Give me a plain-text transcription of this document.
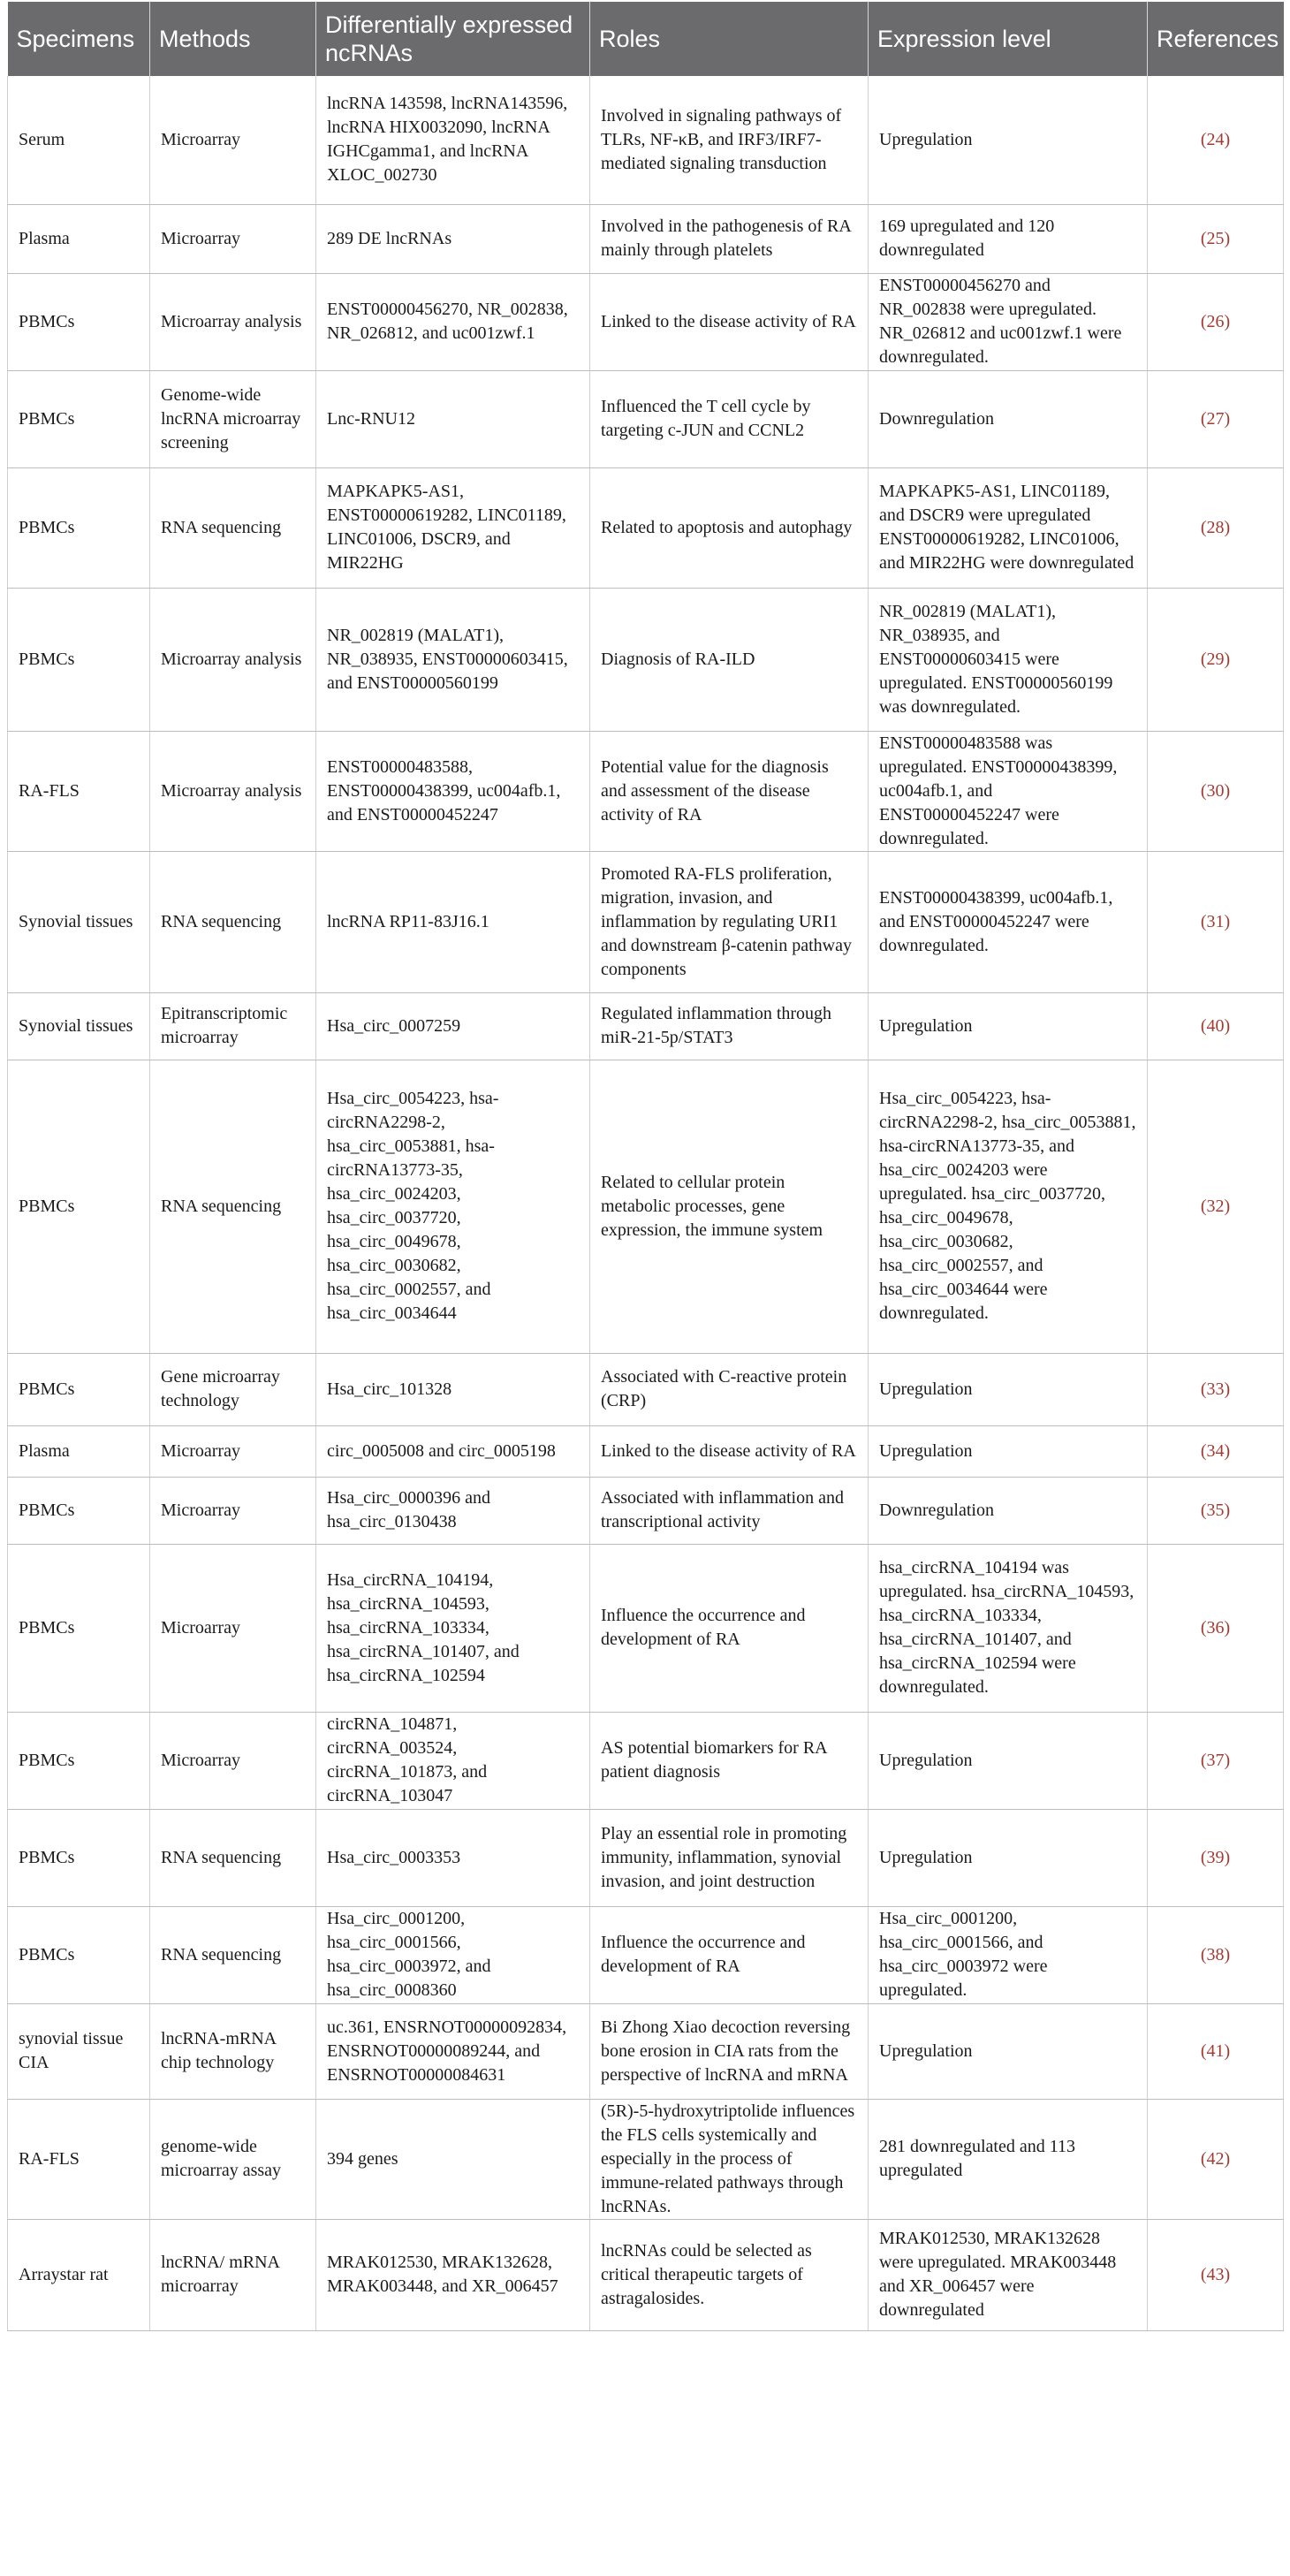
Specimens	Methods	Differentially expressed ncRNAs	Roles	Expression level	References
Serum	Microarray	lncRNA 143598, lncRNA143596, lncRNA HIX0032090, lncRNA IGHCgamma1, and lncRNA XLOC_002730	Involved in signaling pathways of TLRs, NF-κB, and IRF3/IRF7-mediated signaling transduction	Upregulation	(24)
Plasma	Microarray	289 DE lncRNAs	Involved in the pathogenesis of RA mainly through platelets	169 upregulated and 120 downregulated	(25)
PBMCs	Microarray analysis	ENST00000456270, NR_002838, NR_026812, and uc001zwf.1	Linked to the disease activity of RA	ENST00000456270 and NR_002838 were upregulated. NR_026812 and uc001zwf.1 were downregulated.	(26)
PBMCs	Genome-wide lncRNA microarray screening	Lnc-RNU12	Influenced the T cell cycle by targeting c-JUN and CCNL2	Downregulation	(27)
PBMCs	RNA sequencing	MAPKAPK5-AS1, ENST00000619282, LINC01189, LINC01006, DSCR9, and MIR22HG	Related to apoptosis and autophagy	MAPKAPK5-AS1, LINC01189, and DSCR9 were upregulated ENST00000619282, LINC01006, and MIR22HG were downregulated	(28)
PBMCs	Microarray analysis	NR_002819 (MALAT1), NR_038935, ENST00000603415, and ENST00000560199	Diagnosis of RA-ILD	NR_002819 (MALAT1), NR_038935, and ENST00000603415 were upregulated. ENST00000560199 was downregulated.	(29)
RA-FLS	Microarray analysis	ENST00000483588, ENST00000438399, uc004afb.1, and ENST00000452247	Potential value for the diagnosis and assessment of the disease activity of RA	ENST00000483588 was upregulated. ENST00000438399, uc004afb.1, and ENST00000452247 were downregulated.	(30)
Synovial tissues	RNA sequencing	lncRNA RP11-83J16.1	Promoted RA-FLS proliferation, migration, invasion, and inflammation by regulating URI1 and downstream β-catenin pathway components	ENST00000438399, uc004afb.1, and ENST00000452247 were downregulated.	(31)
Synovial tissues	Epitranscriptomic microarray	Hsa_circ_0007259	Regulated inflammation through miR-21-5p/STAT3	Upregulation	(40)
PBMCs	RNA sequencing	Hsa_circ_0054223, hsa-circRNA2298-2, hsa_circ_0053881, hsa-circRNA13773-35, hsa_circ_0024203, hsa_circ_0037720, hsa_circ_0049678, hsa_circ_0030682, hsa_circ_0002557, and hsa_circ_0034644	Related to cellular protein metabolic processes, gene expression, the immune system	Hsa_circ_0054223, hsa-circRNA2298-2, hsa_circ_0053881, hsa-circRNA13773-35, and hsa_circ_0024203 were upregulated. hsa_circ_0037720, hsa_circ_0049678, hsa_circ_0030682, hsa_circ_0002557, and hsa_circ_0034644 were downregulated.	(32)
PBMCs	Gene microarray technology	Hsa_circ_101328	Associated with C-reactive protein (CRP)	Upregulation	(33)
Plasma	Microarray	circ_0005008 and circ_0005198	Linked to the disease activity of RA	Upregulation	(34)
PBMCs	Microarray	Hsa_circ_0000396 and hsa_circ_0130438	Associated with inflammation and transcriptional activity	Downregulation	(35)
PBMCs	Microarray	Hsa_circRNA_104194, hsa_circRNA_104593, hsa_circRNA_103334, hsa_circRNA_101407, and hsa_circRNA_102594	Influence the occurrence and development of RA	hsa_circRNA_104194 was upregulated. hsa_circRNA_104593, hsa_circRNA_103334, hsa_circRNA_101407, and hsa_circRNA_102594 were downregulated.	(36)
PBMCs	Microarray	circRNA_104871, circRNA_003524, circRNA_101873, and circRNA_103047	AS potential biomarkers for RA patient diagnosis	Upregulation	(37)
PBMCs	RNA sequencing	Hsa_circ_0003353	Play an essential role in promoting immunity, inflammation, synovial invasion, and joint destruction	Upregulation	(39)
PBMCs	RNA sequencing	Hsa_circ_0001200, hsa_circ_0001566, hsa_circ_0003972, and hsa_circ_0008360	Influence the occurrence and development of RA	Hsa_circ_0001200, hsa_circ_0001566, and hsa_circ_0003972 were upregulated.	(38)
synovial tissue CIA	lncRNA-mRNA chip technology	uc.361, ENSRNOT00000092834, ENSRNOT00000089244, and ENSRNOT00000084631	Bi Zhong Xiao decoction reversing bone erosion in CIA rats from the perspective of lncRNA and mRNA	Upregulation	(41)
RA-FLS	genome-wide microarray assay	394 genes	(5R)-5-hydroxytriptolide influences the FLS cells systemically and especially in the process of immune-related pathways through lncRNAs.	281 downregulated and 113 upregulated	(42)
Arraystar rat	lncRNA/ mRNA microarray	MRAK012530, MRAK132628, MRAK003448, and XR_006457	lncRNAs could be selected as critical therapeutic targets of astragalosides.	MRAK012530, MRAK132628 were upregulated. MRAK003448 and XR_006457 were downregulated	(43)
